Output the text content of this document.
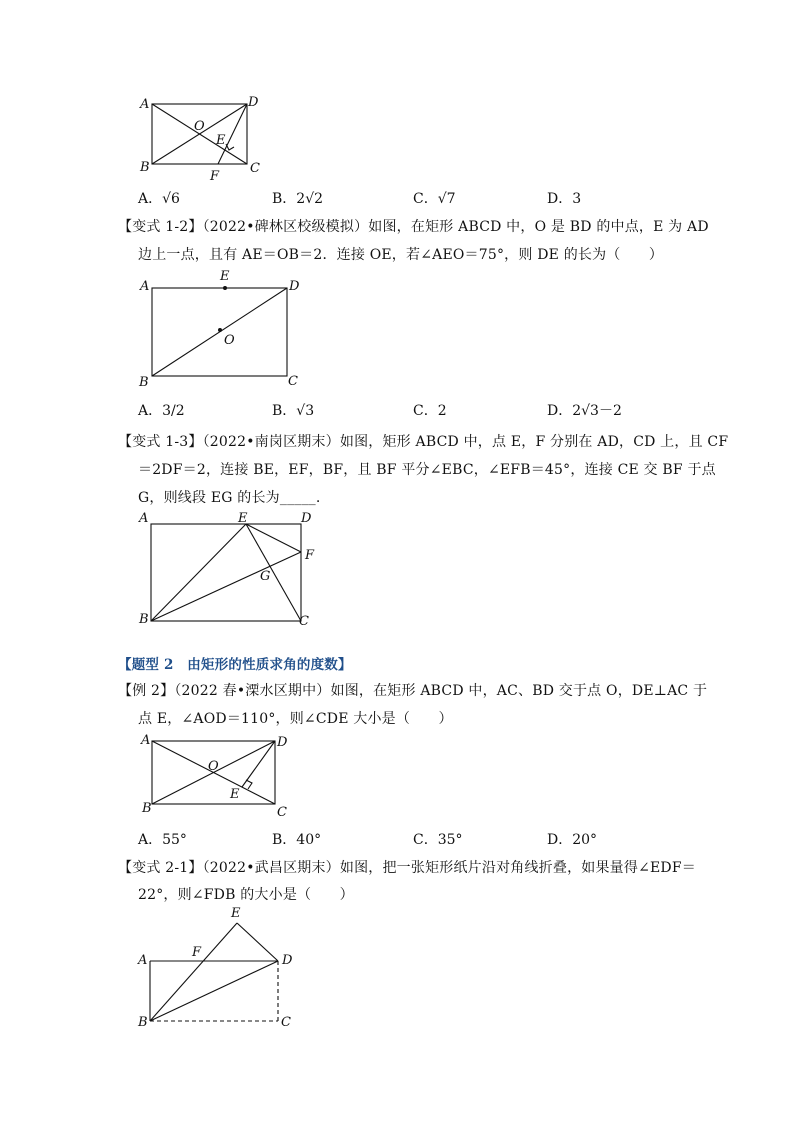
A	D
O
E
B
F
C
A．√6	B．2√2	C．√7	D．3
【变式 1-2】（2022•碑林区校级模拟）如图，在矩形 ABCD 中，O 是 BD 的中点，E 为 AD
边上一点，且有 AE＝OB＝2．连接 OE，若∠AEO＝75°，则 DE 的长为（　　）
E
A	D
O
B	C
A．3/2	B．√3	C．2	D．2√3－2
【变式 1-3】（2022•南岗区期末）如图，矩形 ABCD 中，点 E，F 分别在 AD，CD 上，且 CF
＝2DF＝2，连接 BE，EF，BF，且 BF 平分∠EBC，∠EFB＝45°，连接 CE 交 BF 于点
G，则线段 EG 的长为_____.
A	E	D
F
G
B	C
【题型 2　由矩形的性质求角的度数】
【例 2】（2022 春•溧水区期中）如图，在矩形 ABCD 中，AC、BD 交于点 O，DE⊥AC 于
点 E，∠AOD＝110°，则∠CDE 大小是（　　）
A	D
O
E
B	C
A．55°	B．40°	C．35°	D．20°
【变式 2-1】（2022•武昌区期末）如图，把一张矩形纸片沿对角线折叠，如果量得∠EDF＝
22°，则∠FDB 的大小是（　　）
E
F
A	D
B	C
